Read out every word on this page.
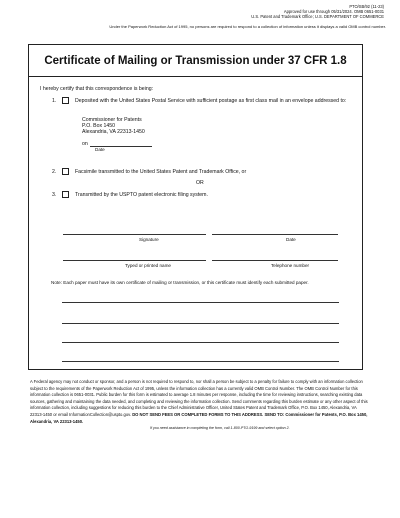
PTO/SB/92 (11-23)
Approved for use through 05/31/2024. OMB 0651-0031
U.S. Patent and Trademark Office; U.S. DEPARTMENT OF COMMERCE
Under the Paperwork Reduction Act of 1995, no persons are required to respond to a collection of information unless it displays a valid OMB control number.
Certificate of Mailing or Transmission under 37 CFR 1.8
I hereby certify that this correspondence is being:
1.	Deposited with the United States Postal Service with sufficient postage as first class mail in an envelope addressed to:
Commissioner for Patents
P.O. Box 1450
Alexandria, VA 22313-1450
on
Date
2.	Facsimile transmitted to the United States Patent and Trademark Office, or
OR
3.	Transmitted by the USPTO patent electronic filing system.
Signature	Date
Typed or printed name	Telephone number
Note: Each paper must have its own certificate of mailing or transmission, or this certificate must identify each submitted paper.
A Federal agency may not conduct or sponsor, and a person is not required to respond to, nor shall a person be subject to a penalty for failure to comply with an information collection subject to the requirements of the Paperwork Reduction Act of 1995, unless the information collection has a currently valid OMB Control Number. The OMB Control Number for this information collection is 0651-0031. Public burden for this form is estimated to average 1.8 minutes per response, including the time for reviewing instructions, searching existing data sources, gathering and maintaining the data needed, and completing and reviewing the information collection. Send comments regarding this burden estimate or any other aspect of this information collection, including suggestions for reducing this burden to the Chief Administrative Officer, United States Patent and Trademark Office, P.O. Box 1450, Alexandria, VA 22313-1450 or email InformationCollection@uspto.gov. DO NOT SEND FEES OR COMPLETED FORMS TO THIS ADDRESS. SEND TO: Commissioner for Patents, P.O. Box 1450, Alexandria, VA 22313-1450.
If you need assistance in completing the form, call 1-800-PTO-9199 and select option 2.
